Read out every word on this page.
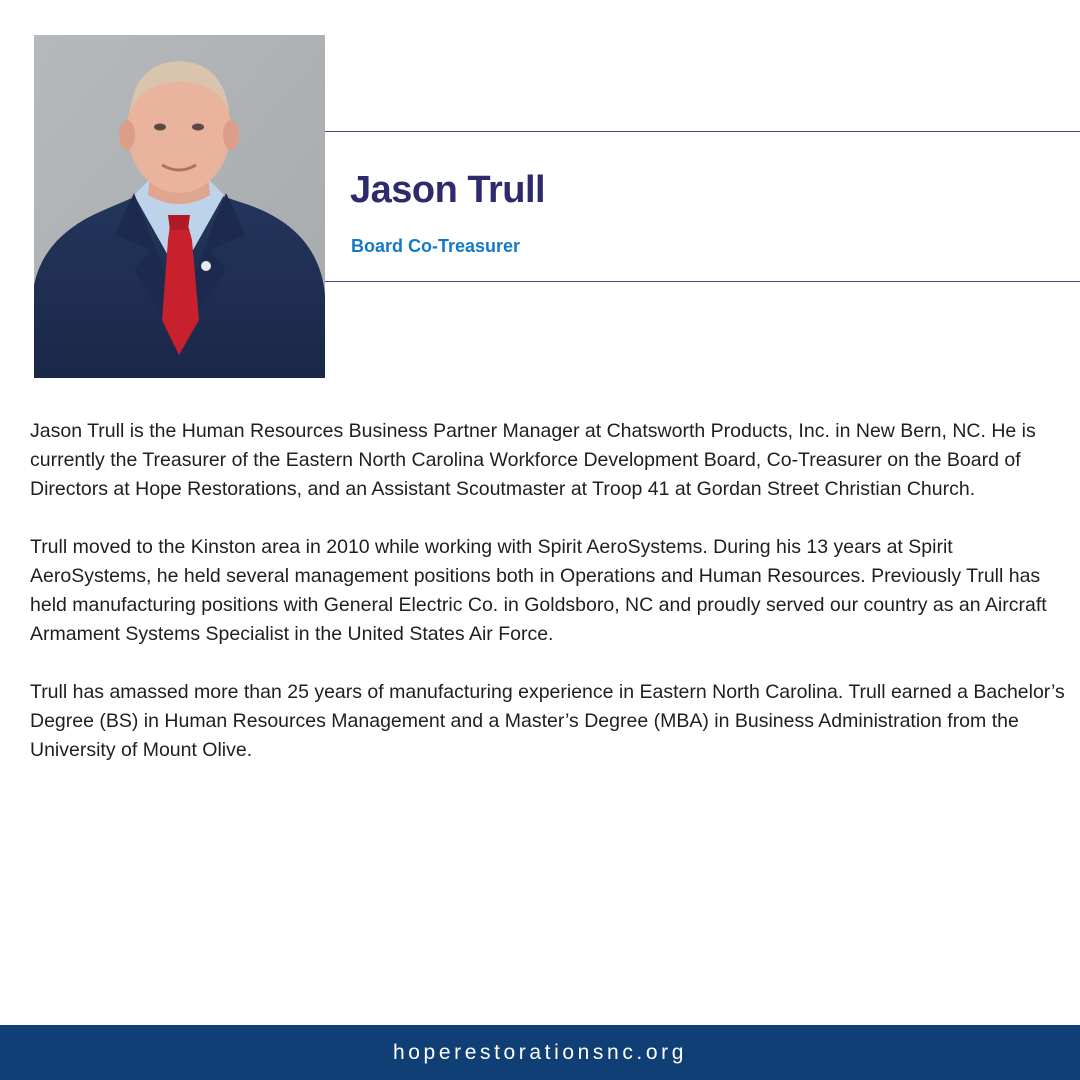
Jason Trull
Board Co-Treasurer

Jason Trull is the Human Resources Business Partner Manager at Chatsworth Products, Inc. in New Bern, NC. He is currently the Treasurer of the Eastern North Carolina Workforce Development Board, Co-Treasurer on the Board of Directors at Hope Restorations, and an Assistant Scoutmaster at Troop 41 at Gordan Street Christian Church.

Trull moved to the Kinston area in 2010 while working with Spirit AeroSystems. During his 13 years at Spirit AeroSystems, he held several management positions both in Operations and Human Resources. Previously Trull has held manufacturing positions with General Electric Co. in Goldsboro, NC and proudly served our country as an Aircraft Armament Systems Specialist in the United States Air Force.

Trull has amassed more than 25 years of manufacturing experience in Eastern North Carolina. Trull earned a Bachelor’s Degree (BS) in Human Resources Management and a Master’s Degree (MBA) in Business Administration from the University of Mount Olive.

hoperestorationsnc.org
